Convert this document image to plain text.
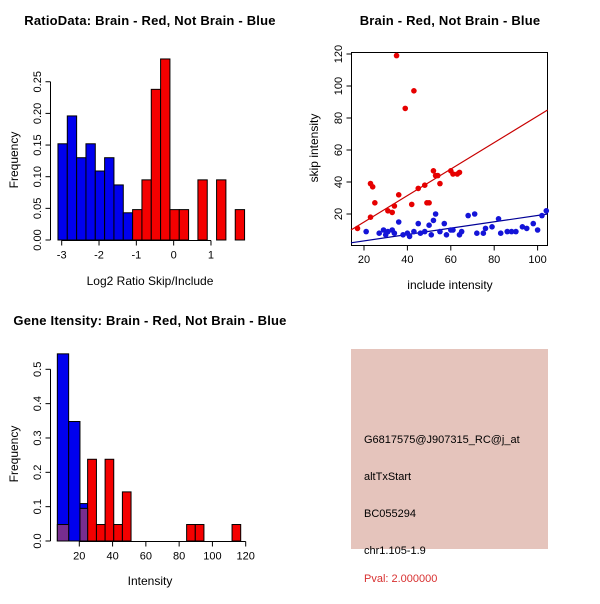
-3	-2	-1	0	1
0.00
0.05
0.10
0.15
0.20
0.25
RatioData: Brain - Red, Not Brain - Blue
Log2 Ratio Skip/Include
Frequency
20	40	60	80	100
20
40
60
80
100
120
Brain - Red, Not Brain - Blue
include intensity
skip intensity
20 40 60 80 100 120
0.0
0.1
0.2
0.3
0.4
0.5
Gene Itensity: Brain - Red, Not Brain - Blue
Intensity
Frequency	G6817575@J907315_RC@j_at
altTxStart
BC055294
chr1.105-1.9
Pval: 2.000000
